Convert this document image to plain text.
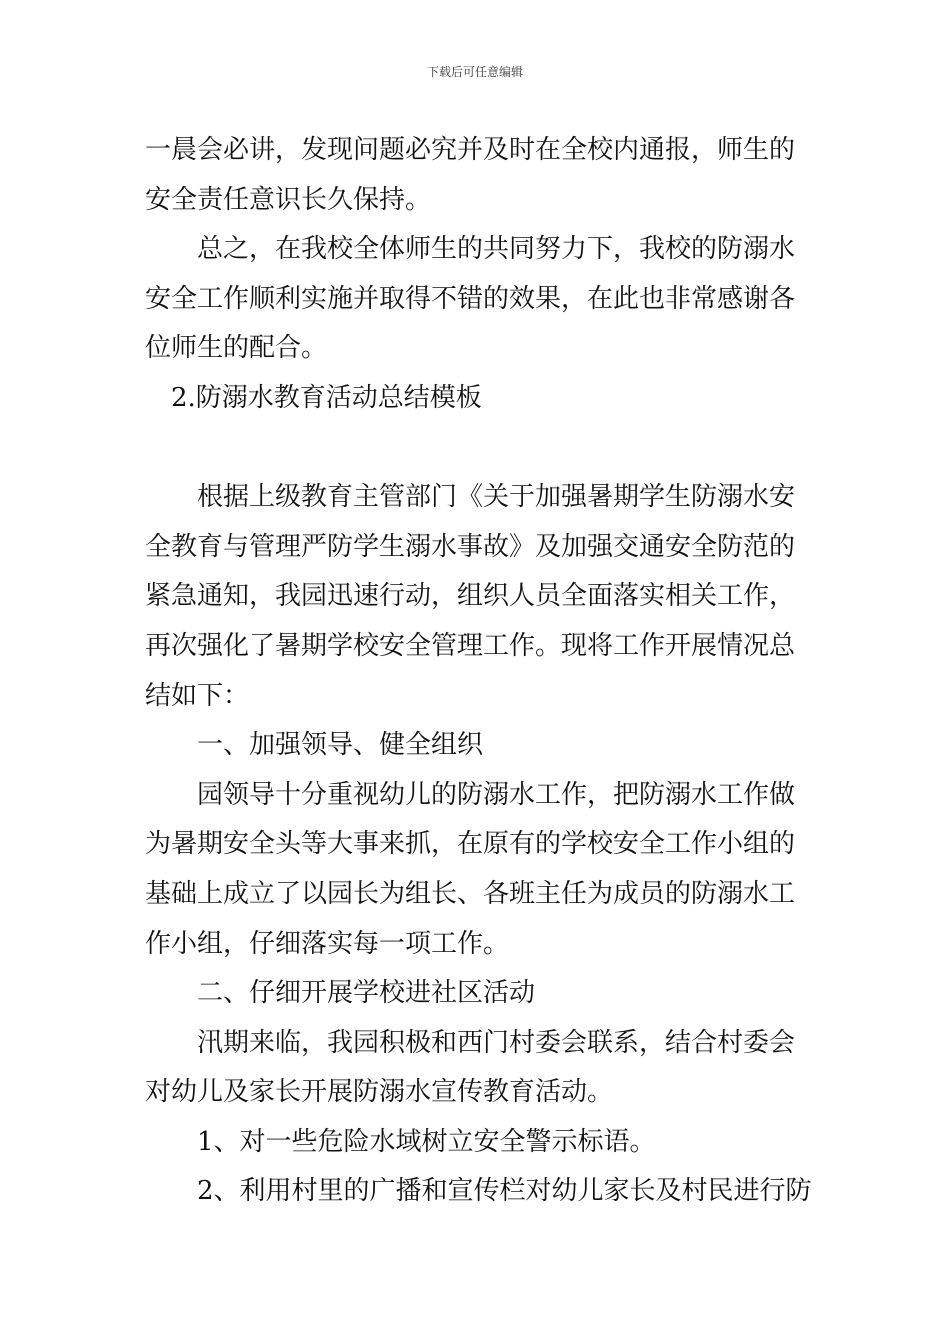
下载后可任意编辑
一晨会必讲，发现问题必究并及时在全校内通报，师生的
安全责任意识长久保持。
总之，在我校全体师生的共同努力下，我校的防溺水
安全工作顺利实施并取得不错的效果，在此也非常感谢各
位师生的配合。
2.防溺水教育活动总结模板
根据上级教育主管部门《关于加强暑期学生防溺水安
全教育与管理严防学生溺水事故》及加强交通安全防范的
紧急通知，我园迅速行动，组织人员全面落实相关工作，
再次强化了暑期学校安全管理工作。现将工作开展情况总
结如下：
一、加强领导、健全组织
园领导十分重视幼儿的防溺水工作，把防溺水工作做
为暑期安全头等大事来抓，在原有的学校安全工作小组的
基础上成立了以园长为组长、各班主任为成员的防溺水工
作小组，仔细落实每一项工作。
二、仔细开展学校进社区活动
汛期来临，我园积极和西门村委会联系，结合村委会
对幼儿及家长开展防溺水宣传教育活动。
1、对一些危险水域树立安全警示标语。
2、利用村里的广播和宣传栏对幼儿家长及村民进行防
